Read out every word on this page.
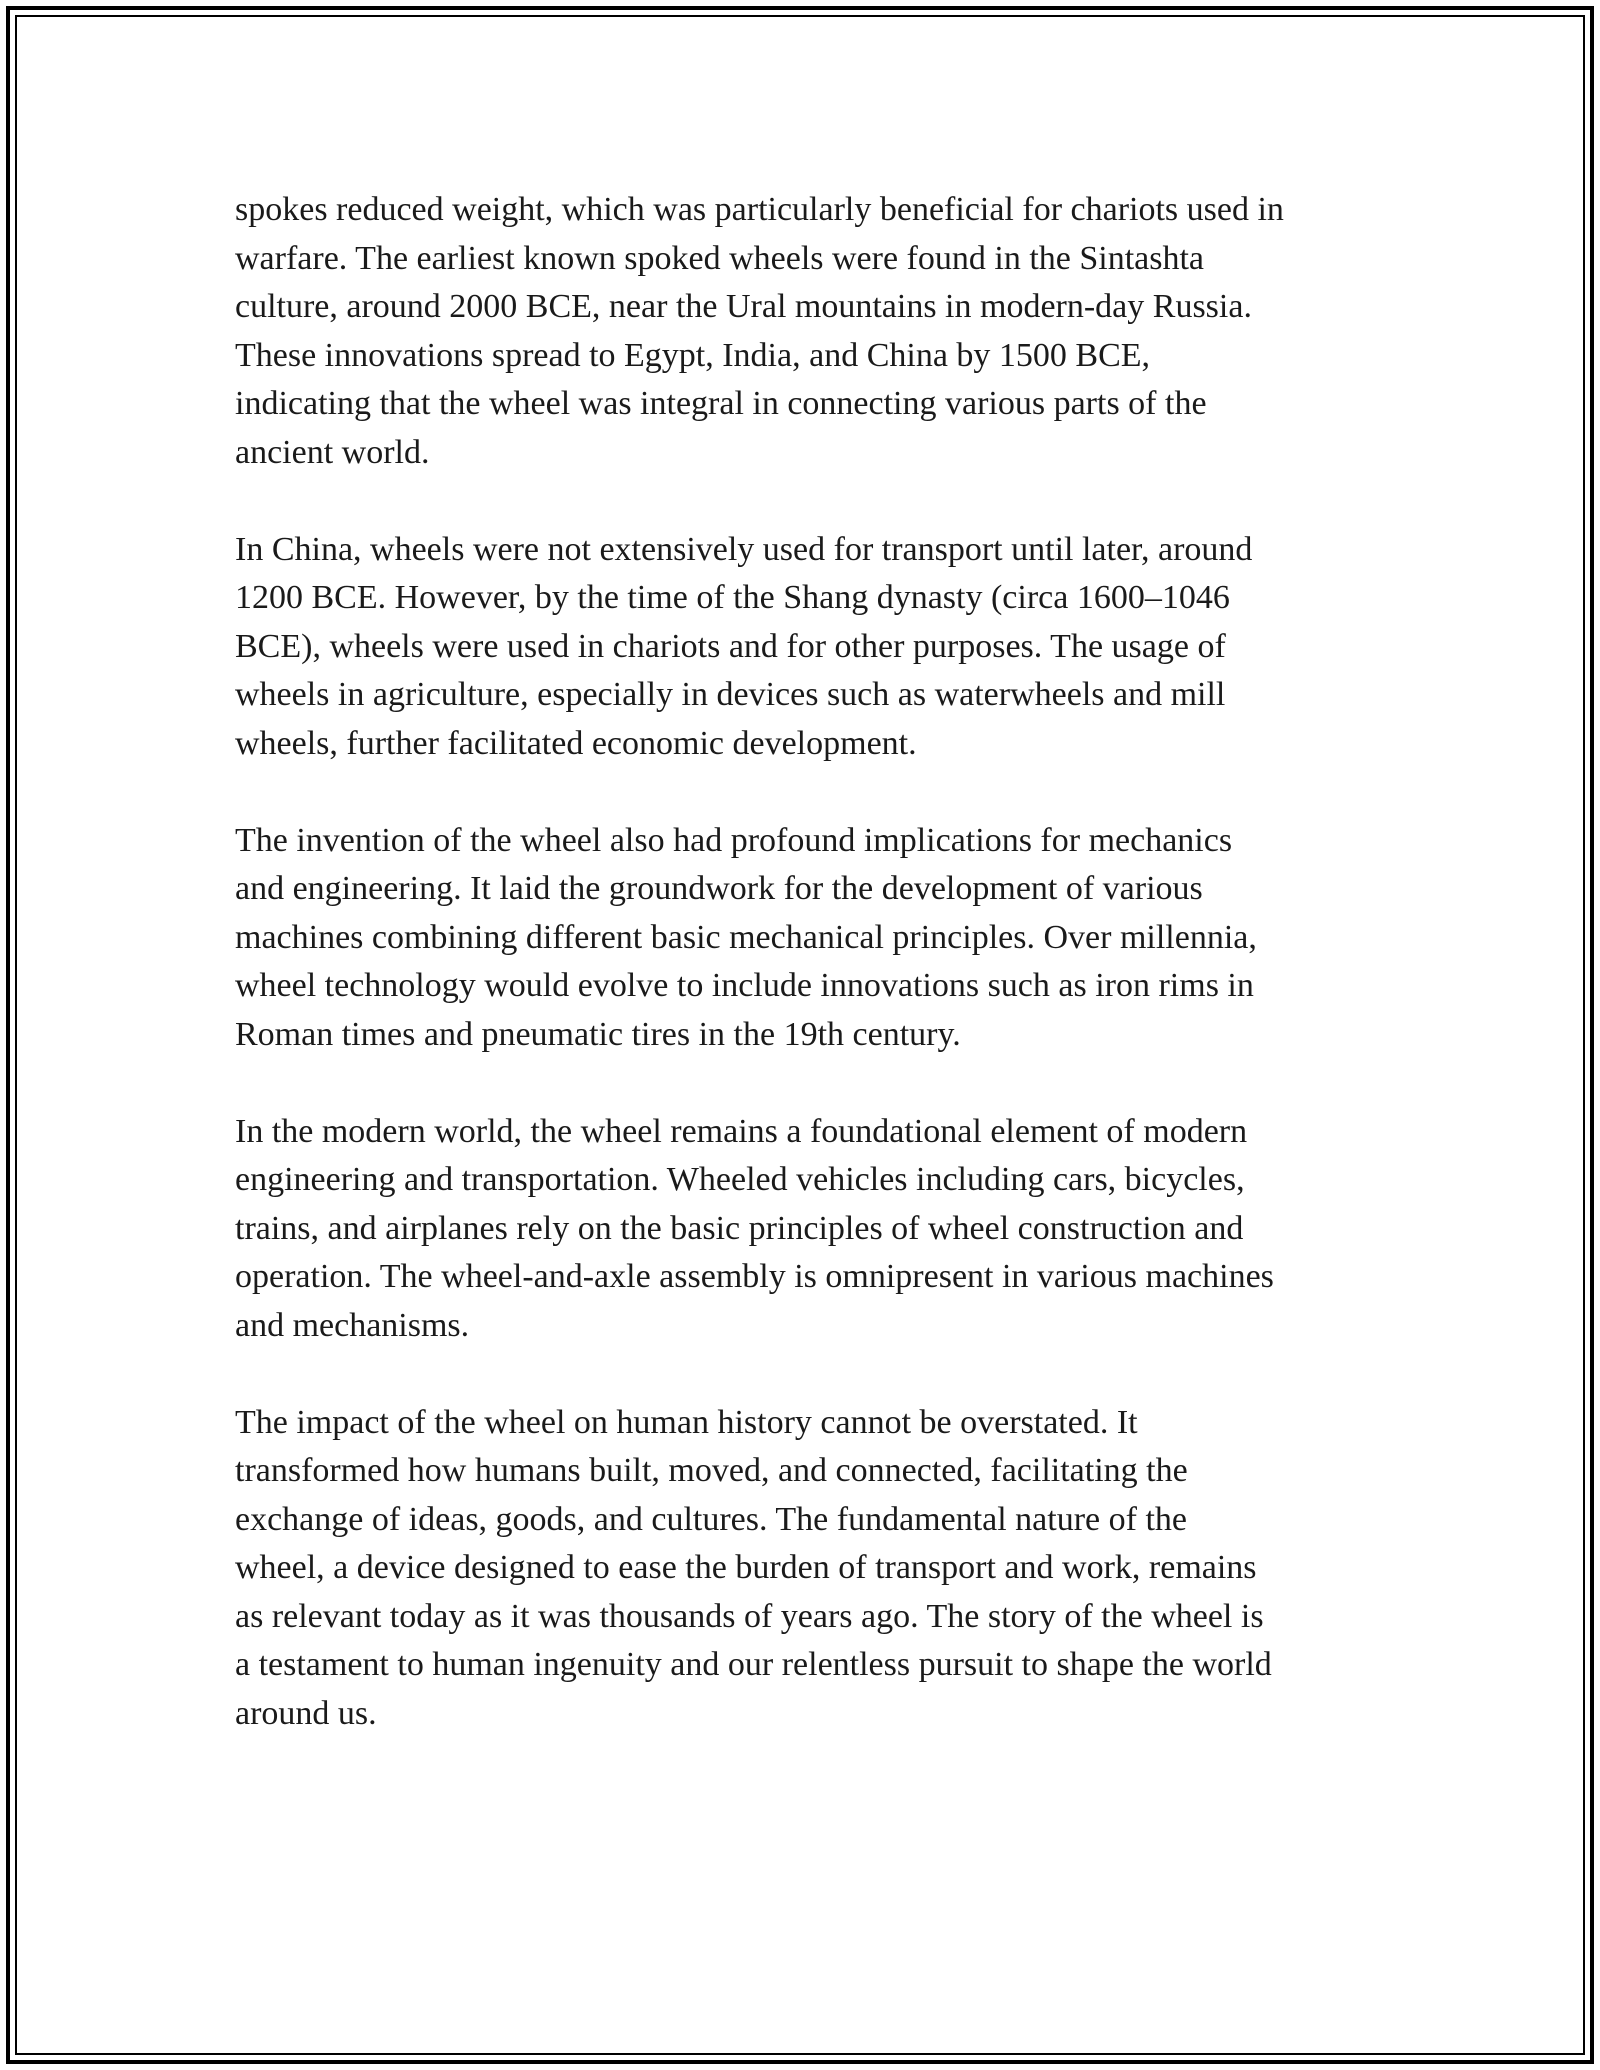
spokes reduced weight, which was particularly beneficial for chariots used in
warfare. The earliest known spoked wheels were found in the Sintashta
culture, around 2000 BCE, near the Ural mountains in modern-day Russia.
These innovations spread to Egypt, India, and China by 1500 BCE,
indicating that the wheel was integral in connecting various parts of the
ancient world.

In China, wheels were not extensively used for transport until later, around
1200 BCE. However, by the time of the Shang dynasty (circa 1600–1046
BCE), wheels were used in chariots and for other purposes. The usage of
wheels in agriculture, especially in devices such as waterwheels and mill
wheels, further facilitated economic development.

The invention of the wheel also had profound implications for mechanics
and engineering. It laid the groundwork for the development of various
machines combining different basic mechanical principles. Over millennia,
wheel technology would evolve to include innovations such as iron rims in
Roman times and pneumatic tires in the 19th century.

In the modern world, the wheel remains a foundational element of modern
engineering and transportation. Wheeled vehicles including cars, bicycles,
trains, and airplanes rely on the basic principles of wheel construction and
operation. The wheel-and-axle assembly is omnipresent in various machines
and mechanisms.

The impact of the wheel on human history cannot be overstated. It
transformed how humans built, moved, and connected, facilitating the
exchange of ideas, goods, and cultures. The fundamental nature of the
wheel, a device designed to ease the burden of transport and work, remains
as relevant today as it was thousands of years ago. The story of the wheel is
a testament to human ingenuity and our relentless pursuit to shape the world
around us.
